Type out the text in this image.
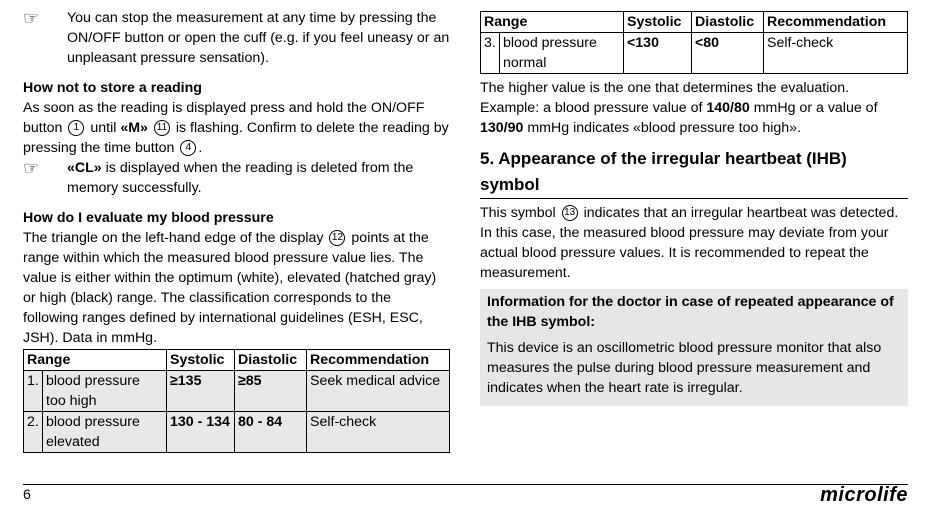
☞ You can stop the measurement at any time by pressing the ON/OFF button or open the cuff (e.g. if you feel uneasy or an unpleasant pressure sensation).

How not to store a reading

As soon as the reading is displayed press and hold the ON/OFF button 1 until «M» 11 is flashing. Confirm to delete the reading by pressing the time button 4 .

☞ «CL» is displayed when the reading is deleted from the memory successfully.

How do I evaluate my blood pressure

The triangle on the left-hand edge of the display 12 points at the range within which the measured blood pressure value lies. The value is either within the optimum (white), elevated (hatched gray) or high (black) range. The classification corresponds to the following ranges defined by international guidelines (ESH, ESC, JSH). Data in mmHg.

Range		Systolic	Diastolic	Recommendation
1.	blood pressure too high	≥135	≥85	Seek medical advice
2.	blood pressure elevated	130 - 134	80 - 84	Self-check
Range		Systolic	Diastolic	Recommendation
3.	blood pressure normal	<130	<80	Self-check

The higher value is the one that determines the evaluation. Example: a blood pressure value of 140/80 mmHg or a value of 130/90 mmHg indicates «blood pressure too high».

5. Appearance of the irregular heartbeat (IHB) symbol

This symbol 13 indicates that an irregular heartbeat was detected. In this case, the measured blood pressure may deviate from your actual blood pressure values. It is recommended to repeat the measurement.

Information for the doctor in case of repeated appearance of the IHB symbol:

This device is an oscillometric blood pressure monitor that also measures the pulse during blood pressure measurement and indicates when the heart rate is irregular.

6	microlife
